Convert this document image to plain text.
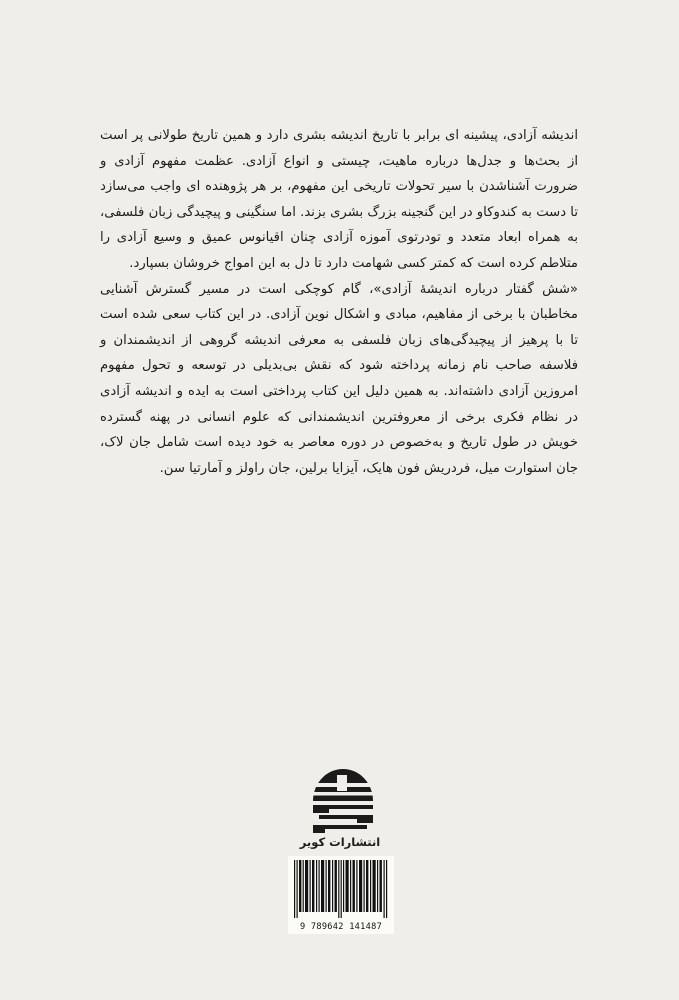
اندیشه آزادی، پیشینه ای برابر با تاریخ اندیشه بشری دارد و همین تاریخ طولانی پر است از بحث‌ها و جدل‌ها درباره ماهیت، چیستی و انواع آزادی. عظمت مفهوم آزادی و ضرورت آشناشدن با سیر تحولات تاریخی این مفهوم، بر هر پژوهنده ای واجب می‌سازد تا دست به کندوکاو در این گنجینه بزرگ بشری بزند. اما سنگینی و پیچیدگی زبان فلسفی، به همراه ابعاد متعدد و تودرتوی آموزه آزادی چنان اقیانوس عمیق و وسیع آزادی را متلاطم کرده است که کمتر کسی شهامت دارد تا دل به این امواج خروشان بسپارد.

«شش گفتار درباره اندیشهٔ آزادی»، گام کوچکی است در مسیر گسترش آشنایی مخاطبان با برخی از مفاهیم، مبادی و اشکال نوین آزادی. در این کتاب سعی شده است تا با پرهیز از پیچیدگی‌های زبان فلسفی به معرفی اندیشه گروهی از اندیشمندان و فلاسفه صاحب نام زمانه پرداخته شود که نقش بی‌بدیلی در توسعه و تحول مفهوم امروزین آزادی داشته‌اند. به همین دلیل این کتاب پرداختی است به ایده و اندیشه آزادی در نظام فکری برخی از معروفترین اندیشمندانی که علوم انسانی در پهنه گسترده خویش در طول تاریخ و به‌خصوص در دوره معاصر به خود دیده است شامل جان لاک، جان استوارت میل، فردریش فون هایک، آیزایا برلین، جان راولز و آمارتیا سن.

انتشارات کویر
9 789642 141487
